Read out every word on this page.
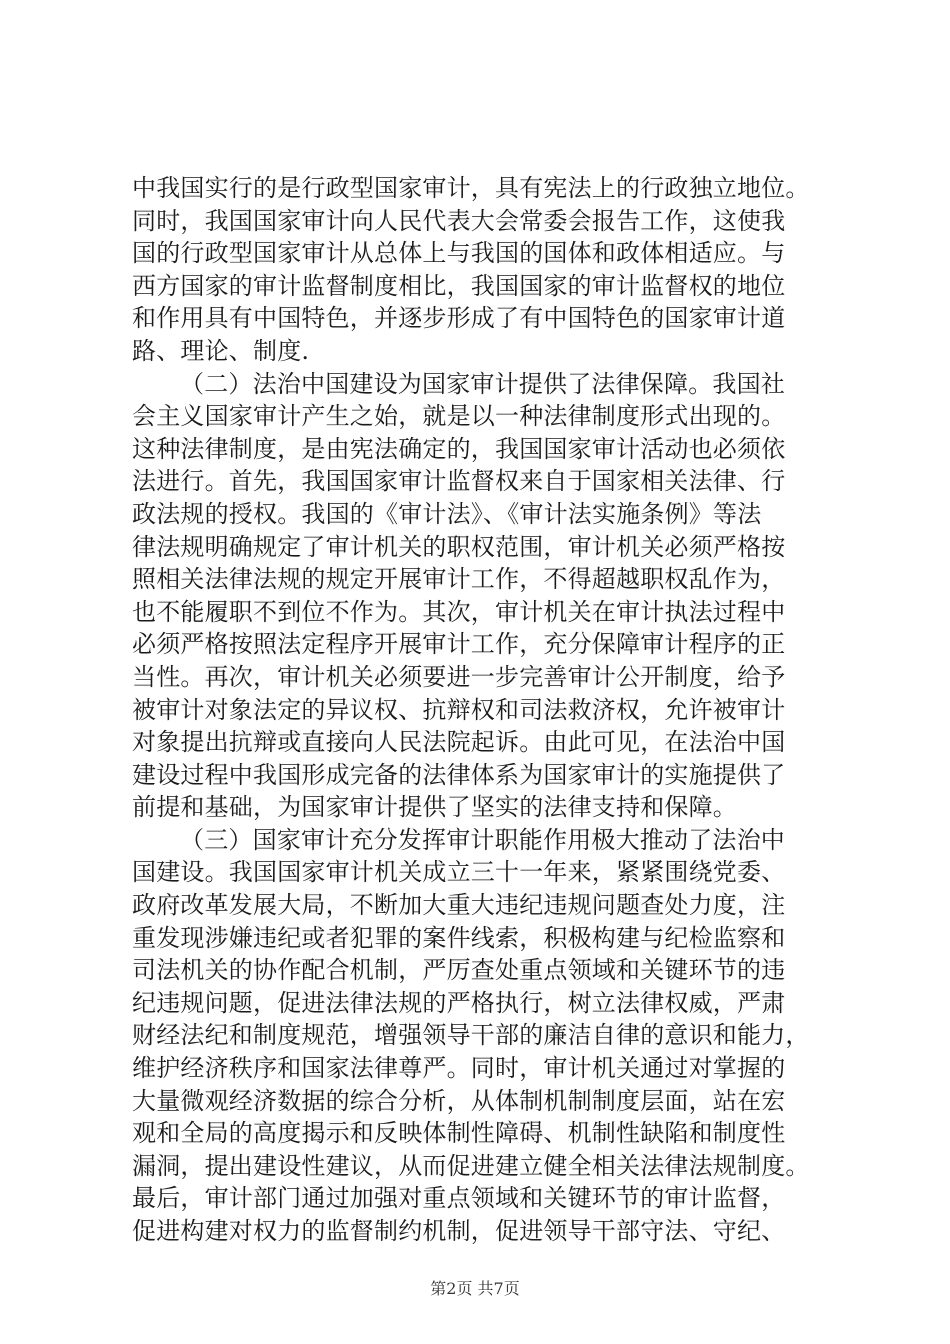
中我国实行的是行政型国家审计，具有宪法上的行政独立地位。
同时，我国国家审计向人民代表大会常委会报告工作，这使我
国的行政型国家审计从总体上与我国的国体和政体相适应。与
西方国家的审计监督制度相比，我国国家的审计监督权的地位
和作用具有中国特色，并逐步形成了有中国特色的国家审计道
路、理论、制度.
（二）法治中国建设为国家审计提供了法律保障。我国社
会主义国家审计产生之始，就是以一种法律制度形式出现的。
这种法律制度，是由宪法确定的，我国国家审计活动也必须依
法进行。首先，我国国家审计监督权来自于国家相关法律、行
政法规的授权。我国的《审计法》、《审计法实施条例》等法
律法规明确规定了审计机关的职权范围，审计机关必须严格按
照相关法律法规的规定开展审计工作，不得超越职权乱作为，
也不能履职不到位不作为。其次，审计机关在审计执法过程中
必须严格按照法定程序开展审计工作，充分保障审计程序的正
当性。再次，审计机关必须要进一步完善审计公开制度，给予
被审计对象法定的异议权、抗辩权和司法救济权，允许被审计
对象提出抗辩或直接向人民法院起诉。由此可见，在法治中国
建设过程中我国形成完备的法律体系为国家审计的实施提供了
前提和基础，为国家审计提供了坚实的法律支持和保障。
（三）国家审计充分发挥审计职能作用极大推动了法治中
国建设。我国国家审计机关成立三十一年来，紧紧围绕党委、
政府改革发展大局，不断加大重大违纪违规问题查处力度，注
重发现涉嫌违纪或者犯罪的案件线索，积极构建与纪检监察和
司法机关的协作配合机制，严厉查处重点领域和关键环节的违
纪违规问题，促进法律法规的严格执行，树立法律权威，严肃
财经法纪和制度规范，增强领导干部的廉洁自律的意识和能力，
维护经济秩序和国家法律尊严。同时，审计机关通过对掌握的
大量微观经济数据的综合分析，从体制机制制度层面，站在宏
观和全局的高度揭示和反映体制性障碍、机制性缺陷和制度性
漏洞，提出建设性建议，从而促进建立健全相关法律法规制度。
最后，审计部门通过加强对重点领域和关键环节的审计监督，
促进构建对权力的监督制约机制，促进领导干部守法、守纪、
第2页 共7页
